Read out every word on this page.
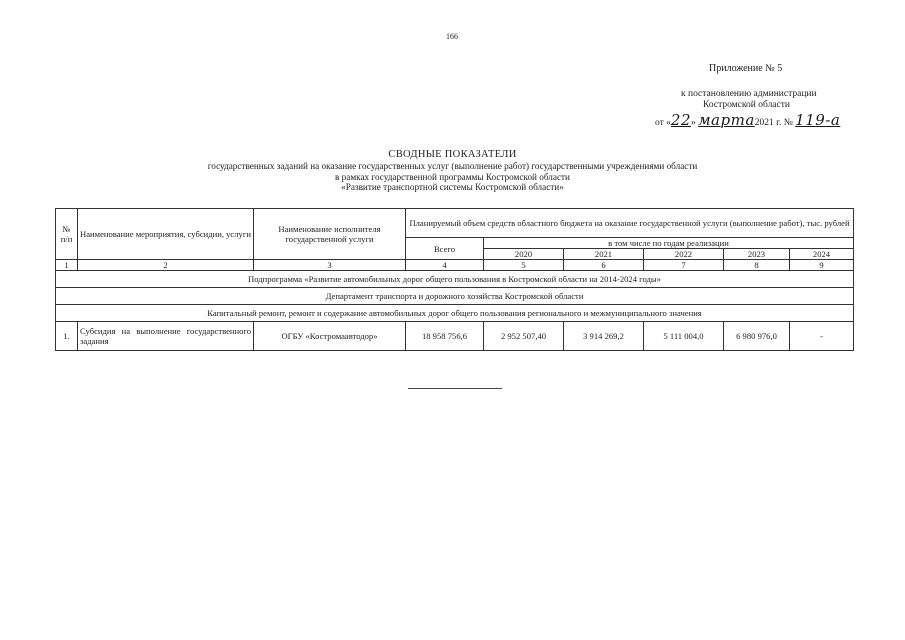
166
Приложение № 5
к постановлению администрации
Костромской области
от «22» марта2021 г. № 119-а
СВОДНЫЕ ПОКАЗАТЕЛИ
государственных заданий на оказание государственных услуг (выполнение работ) государственными учреждениями области
в рамках государственной программы Костромской области
«Развитие транспортной системы Костромской области»
№ п/п	Наименование мероприятия, субсидии, услуги	Наименование исполнителя государственной услуги	Планируемый объем средств областного бюджета на оказание государственной услуги (выполнение работ), тыс. рублей					
			Всего	в том числе по годам реализации				
				2020	2021	2022	2023	2024
1	2	3	4	5	6	7	8	9
Подпрограмма «Развитие автомобильных дорог общего пользования в Костромской области на 2014-2024 годы»								
Департамент транспорта и дорожного хозяйства Костромской области								
Капитальный ремонт, ремонт и содержание автомобильных дорог общего пользования регионального и межмуниципального значения								
1.	Субсидия на выполнение государственного задания	ОГБУ «Костромаавтодор»	18 958 756,6	2 952 507,40	3 914 269,2	5 111 004,0	6 980 976,0	-
